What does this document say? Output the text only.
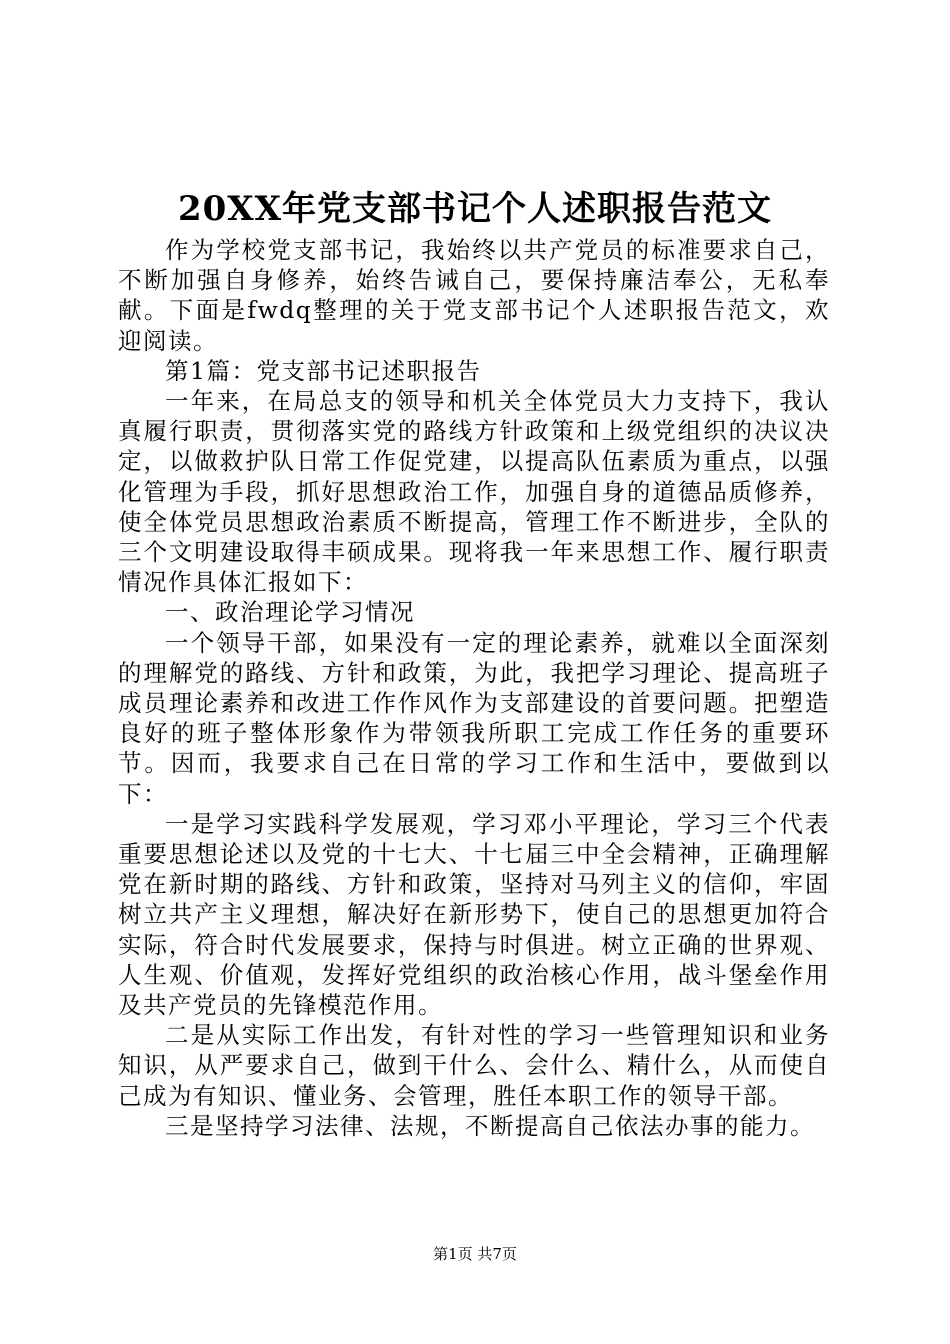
20XX年党支部书记个人述职报告范文

作为学校党支部书记，我始终以共产党员的标准要求自己，不断加强自身修养，始终告诫自己，要保持廉洁奉公，无私奉献。下面是fwdq整理的关于党支部书记个人述职报告范文，欢迎阅读。

第1篇：党支部书记述职报告

一年来，在局总支的领导和机关全体党员大力支持下，我认真履行职责，贯彻落实党的路线方针政策和上级党组织的决议决定，以做救护队日常工作促党建，以提高队伍素质为重点，以强化管理为手段，抓好思想政治工作，加强自身的道德品质修养，使全体党员思想政治素质不断提高，管理工作不断进步，全队的三个文明建设取得丰硕成果。现将我一年来思想工作、履行职责情况作具体汇报如下：

一、政治理论学习情况

一个领导干部，如果没有一定的理论素养，就难以全面深刻的理解党的路线、方针和政策，为此，我把学习理论、提高班子成员理论素养和改进工作作风作为支部建设的首要问题。把塑造良好的班子整体形象作为带领我所职工完成工作任务的重要环节。因而，我要求自己在日常的学习工作和生活中，要做到以下：

一是学习实践科学发展观，学习邓小平理论，学习三个代表重要思想论述以及党的十七大、十七届三中全会精神，正确理解党在新时期的路线、方针和政策，坚持对马列主义的信仰，牢固树立共产主义理想，解决好在新形势下，使自己的思想更加符合实际，符合时代发展要求，保持与时俱进。树立正确的世界观、人生观、价值观，发挥好党组织的政治核心作用，战斗堡垒作用及共产党员的先锋模范作用。

二是从实际工作出发，有针对性的学习一些管理知识和业务知识，从严要求自己，做到干什么、会什么、精什么，从而使自己成为有知识、懂业务、会管理，胜任本职工作的领导干部。

三是坚持学习法律、法规，不断提高自己依法办事的能力。

第1页 共7页
